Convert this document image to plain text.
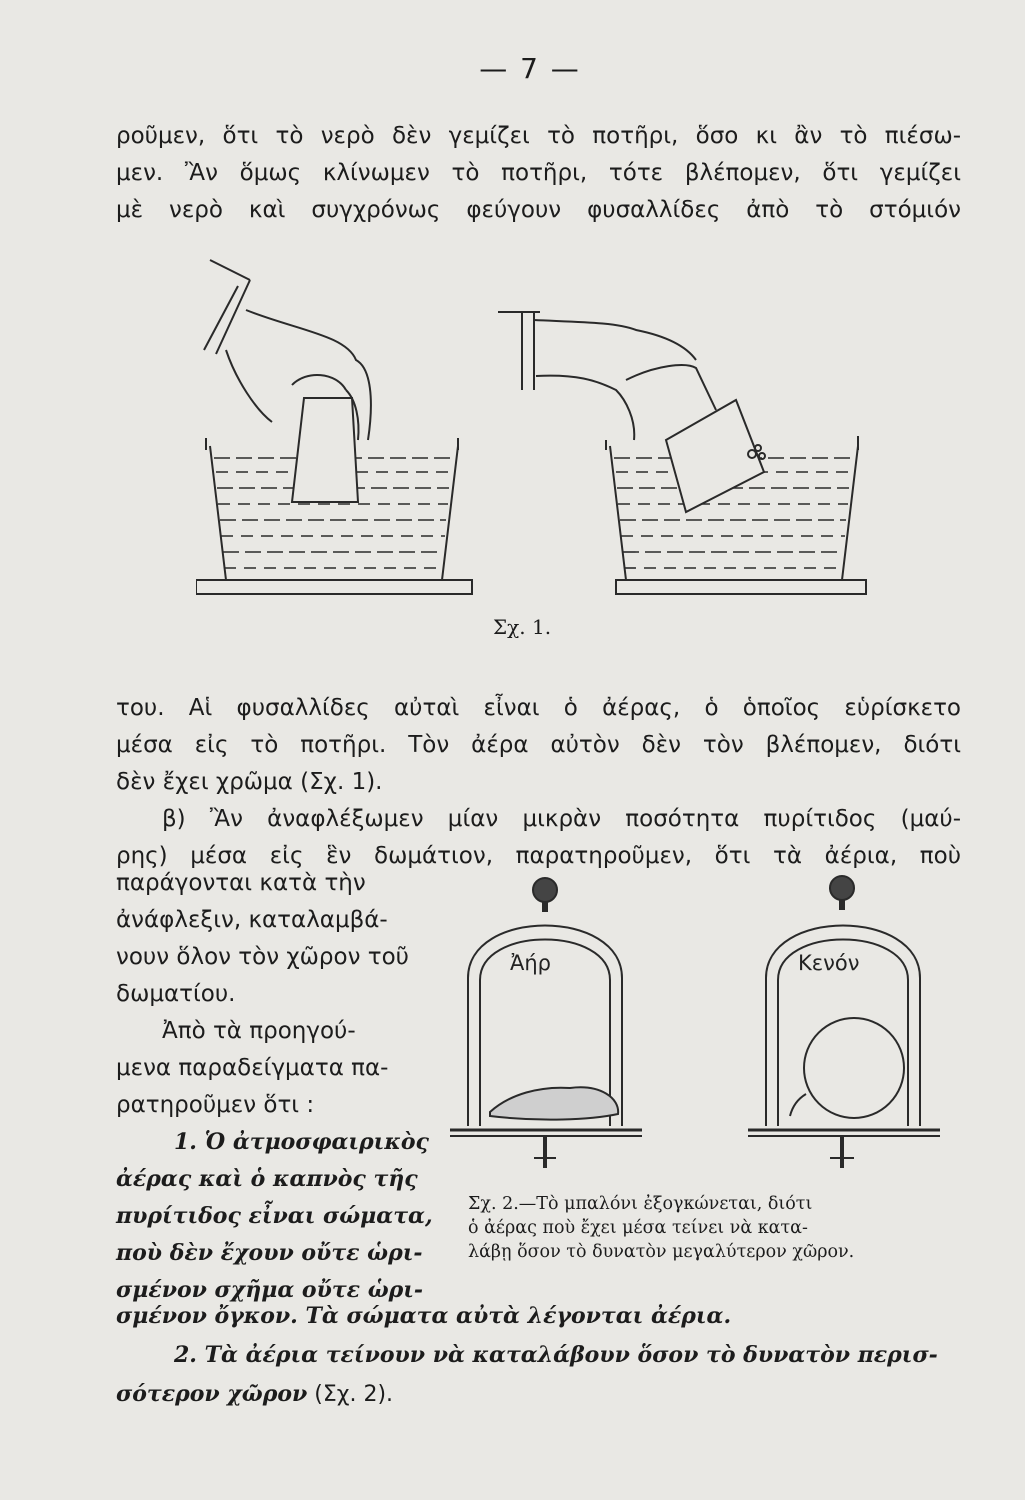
— 7 —
ροῦμεν, ὅτι τὸ νερὸ δὲν γεμίζει τὸ ποτῆρι, ὅσο κι ἂν τὸ πιέσω-
μεν. Ἂν ὅμως κλίνωμεν τὸ ποτῆρι, τότε βλέπομεν, ὅτι γεμίζει
μὲ νερὸ καὶ συγχρόνως φεύγουν φυσαλλίδες ἀπὸ τὸ στόμιόν
Σχ. 1.
του. Αἱ φυσαλλίδες αὐταὶ εἶναι ὁ ἀέρας, ὁ ὁποῖος εὑρίσκετο
μέσα εἰς τὸ ποτῆρι. Τὸν ἀέρα αὐτὸν δὲν τὸν βλέπομεν, διότι
δὲν ἔχει χρῶμα (Σχ. 1).
β) Ἂν ἀναφλέξωμεν μίαν μικρὰν ποσότητα πυρίτιδος (μαύ-
ρης) μέσα εἰς ἓν δωμάτιον, παρατηροῦμεν, ὅτι τὰ ἀέρια, ποὺ
παράγονται κατὰ τὴν
ἀνάφλεξιν, καταλαμβά-
νουν ὅλον τὸν χῶρον τοῦ
δωματίου.
Ἀπὸ τὰ προηγού-
μενα παραδείγματα πα-
ρατηροῦμεν ὅτι :
1. Ὁ ἀτμοσφαιρικὸς
ἀέρας καὶ ὁ καπνὸς τῆς
πυρίτιδος εἶναι σώματα,
ποὺ δὲν ἔχουν οὔτε ὡρι-
σμένον σχῆμα οὔτε ὡρι-
Ἀήρ	Κενόν
Σχ. 2.—Τὸ μπαλόνι ἐξογκώνεται, διότι
ὁ ἀέρας ποὺ ἔχει μέσα τείνει νὰ κατα-
λάβῃ ὅσον τὸ δυνατὸν μεγαλύτερον χῶρον.
σμένον ὄγκον. Τὰ σώματα αὐτὰ λέγονται ἀέρια.
2. Τὰ ἀέρια τείνουν νὰ καταλάβουν ὅσον τὸ δυνατὸν περισ-
σότερον χῶρον (Σχ. 2).
